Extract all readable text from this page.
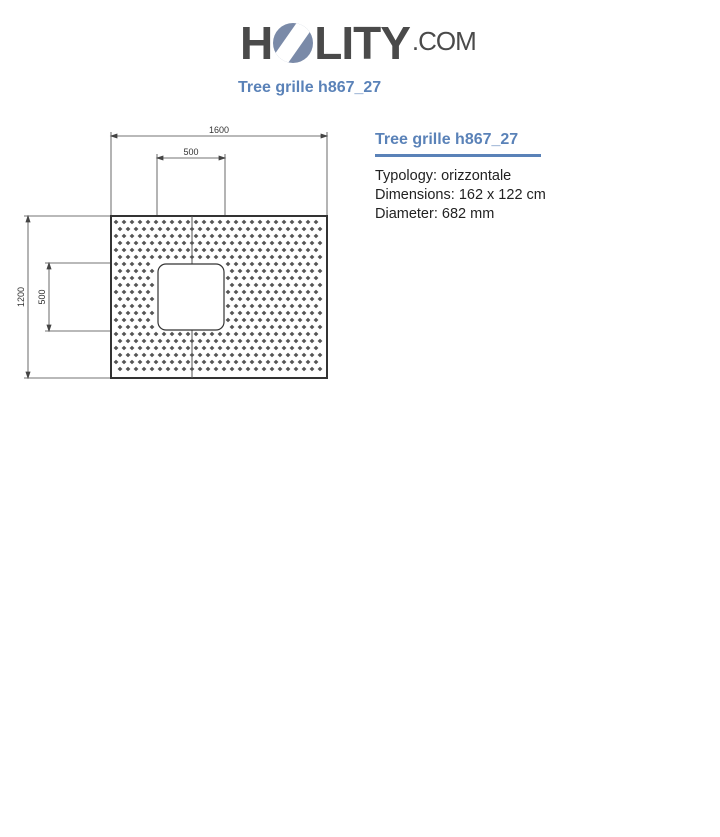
H LITY .COM
Tree grille h867_27
1600
500
1200 500
Tree grille h867_27
Typology: orizzontale
Dimensions: 162 x 122 cm
Diameter: 682 mm
